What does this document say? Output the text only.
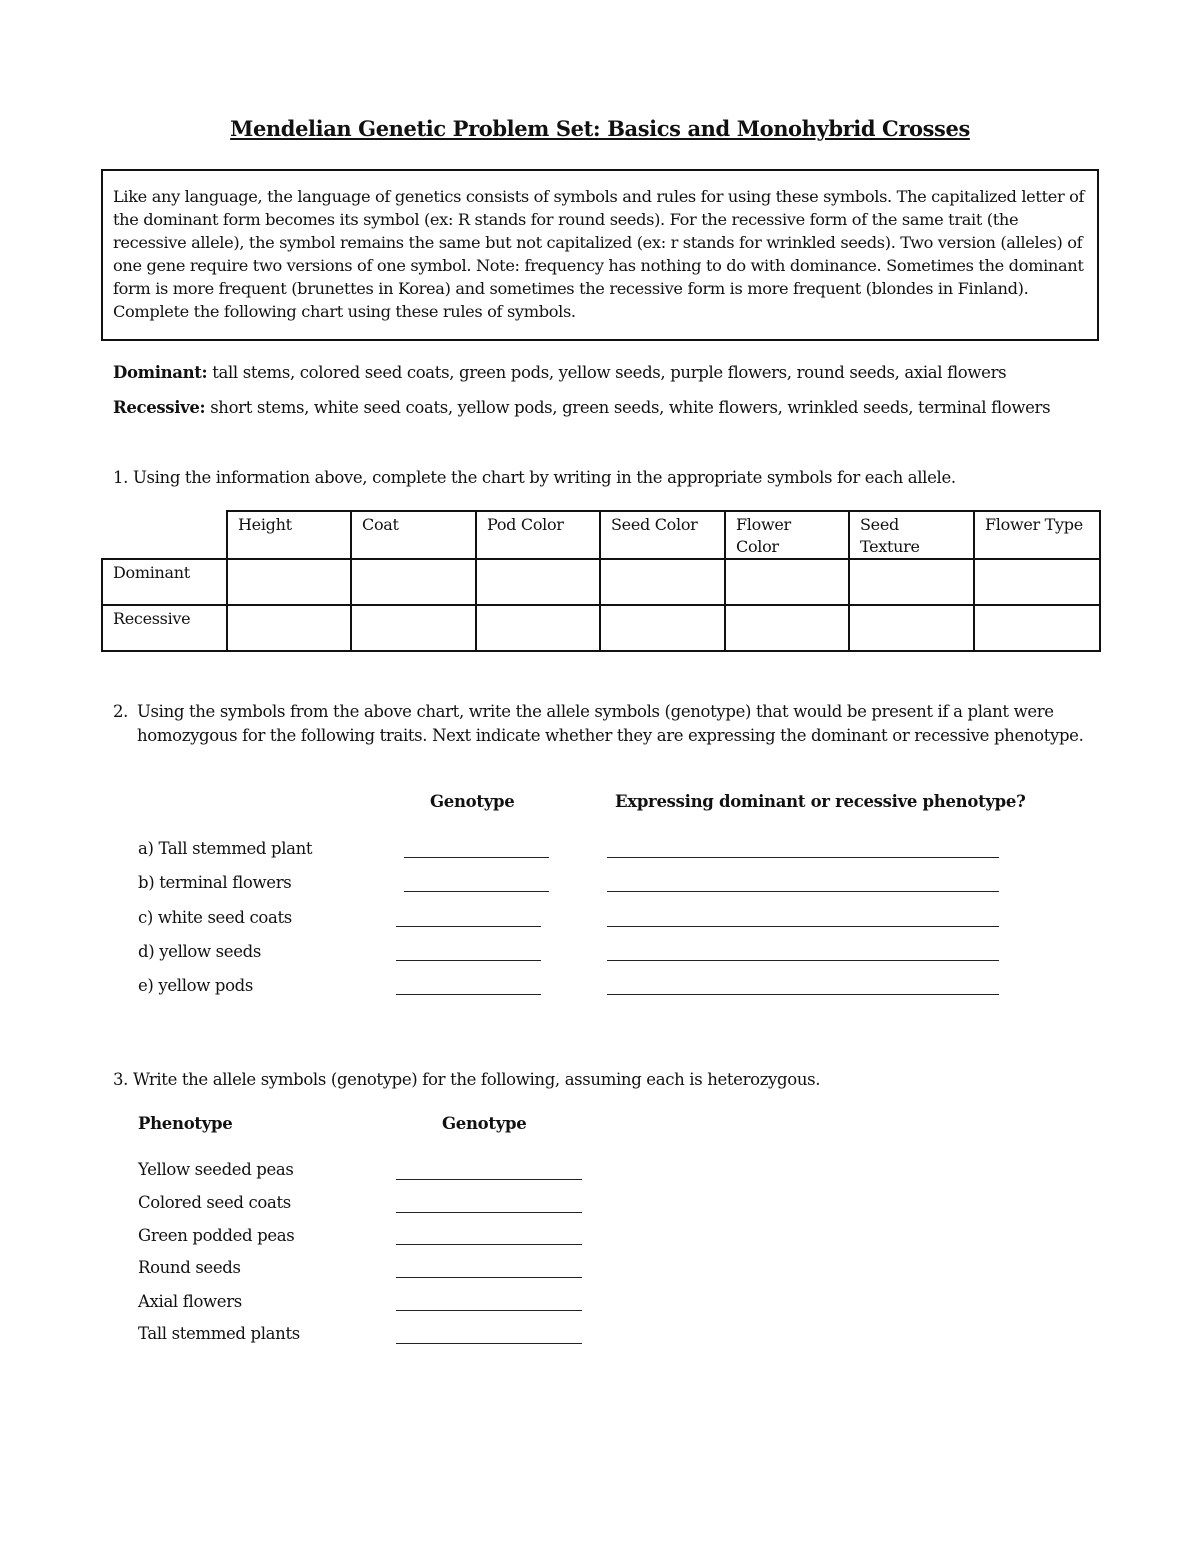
Mendelian Genetic Problem Set: Basics and Monohybrid Crosses
Like any language, the language of genetics consists of symbols and rules for using these symbols. The capitalized letter of the dominant form becomes its symbol (ex: R stands for round seeds). For the recessive form of the same trait (the recessive allele), the symbol remains the same but not capitalized (ex: r stands for wrinkled seeds). Two version (alleles) of one gene require two versions of one symbol. Note: frequency has nothing to do with dominance. Sometimes the dominant form is more frequent (brunettes in Korea) and sometimes the recessive form is more frequent (blondes in Finland). Complete the following chart using these rules of symbols.
Dominant: tall stems, colored seed coats, green pods, yellow seeds, purple flowers, round seeds, axial flowers
Recessive: short stems, white seed coats, yellow pods, green seeds, white flowers, wrinkled seeds, terminal flowers
1. Using the information above, complete the chart by writing in the appropriate symbols for each allele.
	Height	Coat	Pod Color	Seed Color	Flower Color	Seed Texture	Flower Type
Dominant							
Recessive							
2. Using the symbols from the above chart, write the allele symbols (genotype) that would be present if a plant were homozygous for the following traits. Next indicate whether they are expressing the dominant or recessive phenotype.
Genotype	Expressing dominant or recessive phenotype?
a) Tall stemmed plant
b) terminal flowers
c) white seed coats
d) yellow seeds
e) yellow pods
3. Write the allele symbols (genotype) for the following, assuming each is heterozygous.
Phenotype	Genotype
Yellow seeded peas
Colored seed coats
Green podded peas
Round seeds
Axial flowers
Tall stemmed plants
